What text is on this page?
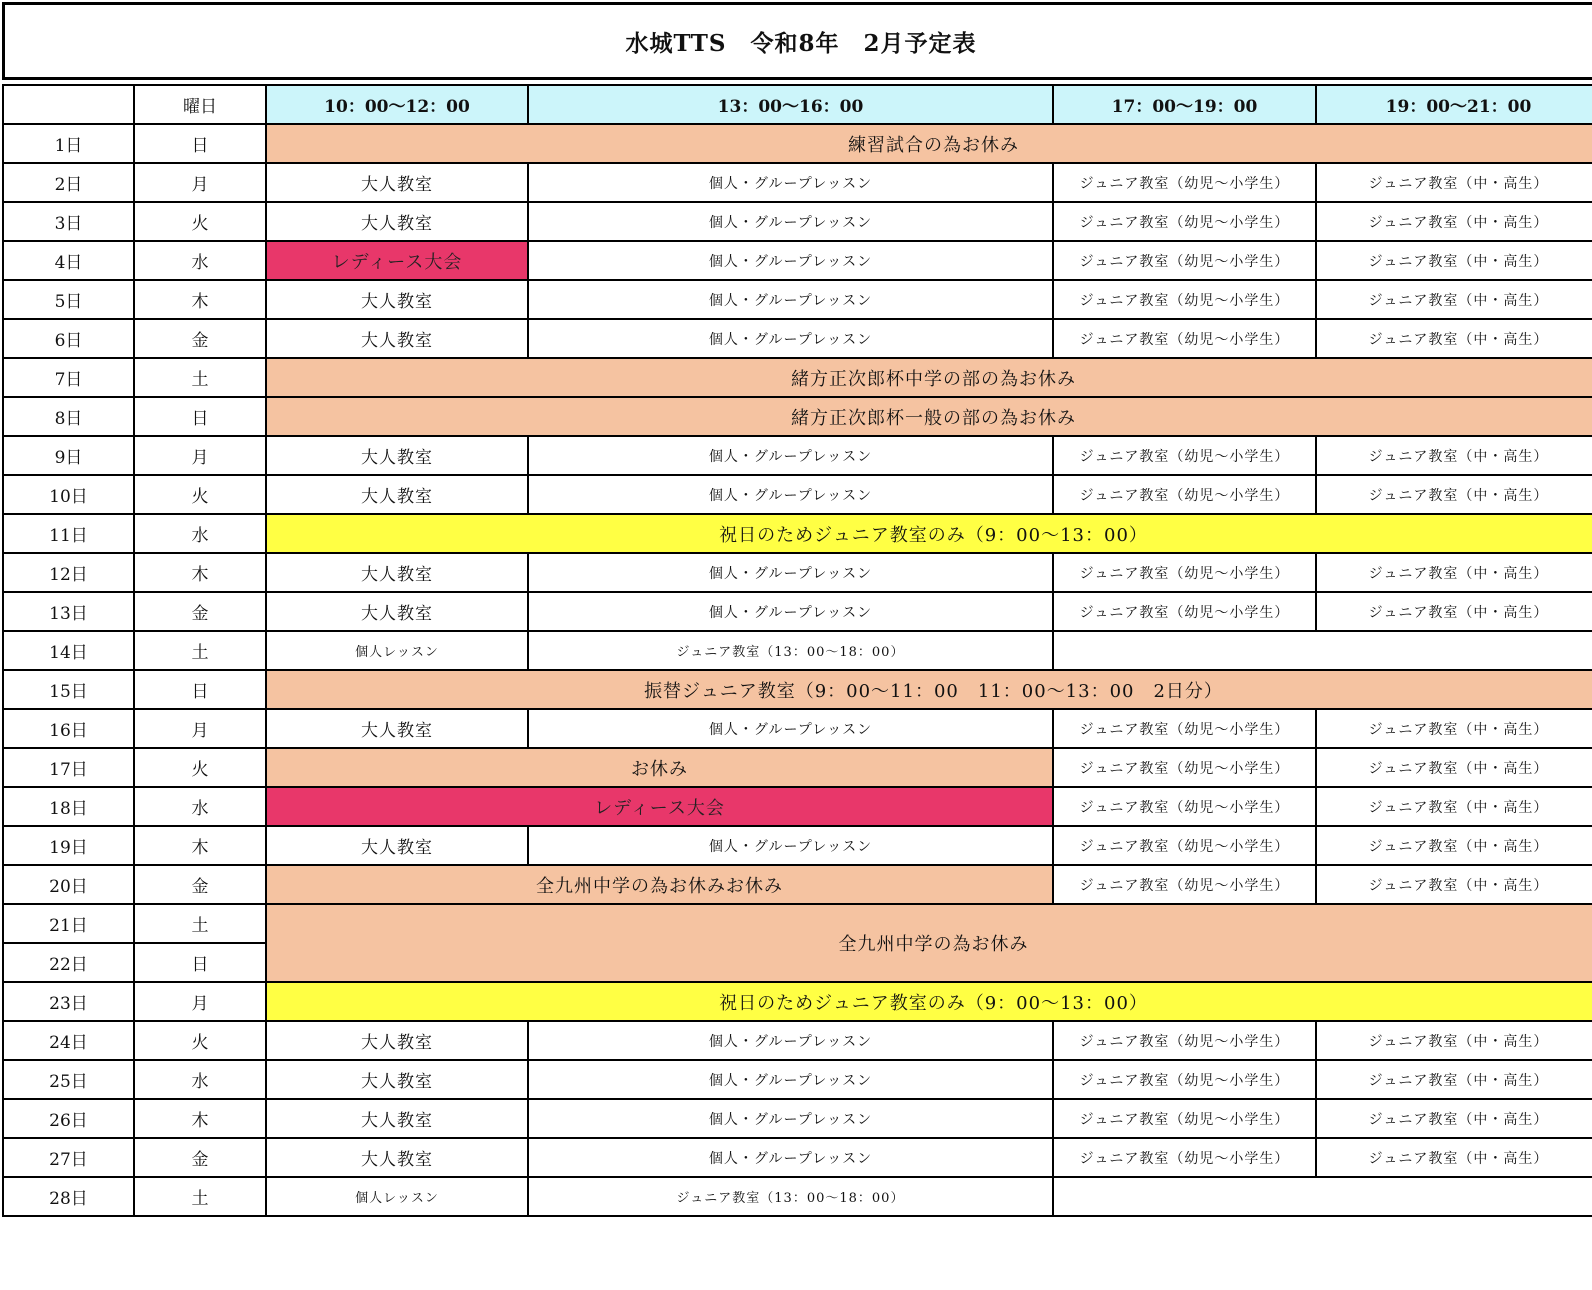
水城TTS　令和8年　2月予定表
	曜日	10：00〜12：00	13：00〜16：00	17：00〜19：00	19：00〜21：00
1日	日	練習試合の為お休み			
2日	月	大人教室	個人・グループレッスン	ジュニア教室（幼児〜小学生）	ジュニア教室（中・高生）
3日	火	大人教室	個人・グループレッスン	ジュニア教室（幼児〜小学生）	ジュニア教室（中・高生）
4日	水	レディース大会	個人・グループレッスン	ジュニア教室（幼児〜小学生）	ジュニア教室（中・高生）
5日	木	大人教室	個人・グループレッスン	ジュニア教室（幼児〜小学生）	ジュニア教室（中・高生）
6日	金	大人教室	個人・グループレッスン	ジュニア教室（幼児〜小学生）	ジュニア教室（中・高生）
7日	土	緒方正次郎杯中学の部の為お休み			
8日	日	緒方正次郎杯一般の部の為お休み			
9日	月	大人教室	個人・グループレッスン	ジュニア教室（幼児〜小学生）	ジュニア教室（中・高生）
10日	火	大人教室	個人・グループレッスン	ジュニア教室（幼児〜小学生）	ジュニア教室（中・高生）
11日	水	祝日のためジュニア教室のみ（9：00〜13：00）			
12日	木	大人教室	個人・グループレッスン	ジュニア教室（幼児〜小学生）	ジュニア教室（中・高生）
13日	金	大人教室	個人・グループレッスン	ジュニア教室（幼児〜小学生）	ジュニア教室（中・高生）
14日	土	個人レッスン	ジュニア教室（13：00〜18：00）		
15日	日	振替ジュニア教室（9：00〜11：00　11：00〜13：00　2日分）			
16日	月	大人教室	個人・グループレッスン	ジュニア教室（幼児〜小学生）	ジュニア教室（中・高生）
17日	火	お休み		ジュニア教室（幼児〜小学生）	ジュニア教室（中・高生）
18日	水	レディース大会		ジュニア教室（幼児〜小学生）	ジュニア教室（中・高生）
19日	木	大人教室	個人・グループレッスン	ジュニア教室（幼児〜小学生）	ジュニア教室（中・高生）
20日	金	全九州中学の為お休みお休み		ジュニア教室（幼児〜小学生）	ジュニア教室（中・高生）
21日	土	全九州中学の為お休み			
22日	日				
23日	月	祝日のためジュニア教室のみ（9：00〜13：00）			
24日	火	大人教室	個人・グループレッスン	ジュニア教室（幼児〜小学生）	ジュニア教室（中・高生）
25日	水	大人教室	個人・グループレッスン	ジュニア教室（幼児〜小学生）	ジュニア教室（中・高生）
26日	木	大人教室	個人・グループレッスン	ジュニア教室（幼児〜小学生）	ジュニア教室（中・高生）
27日	金	大人教室	個人・グループレッスン	ジュニア教室（幼児〜小学生）	ジュニア教室（中・高生）
28日	土	個人レッスン	ジュニア教室（13：00〜18：00）		
